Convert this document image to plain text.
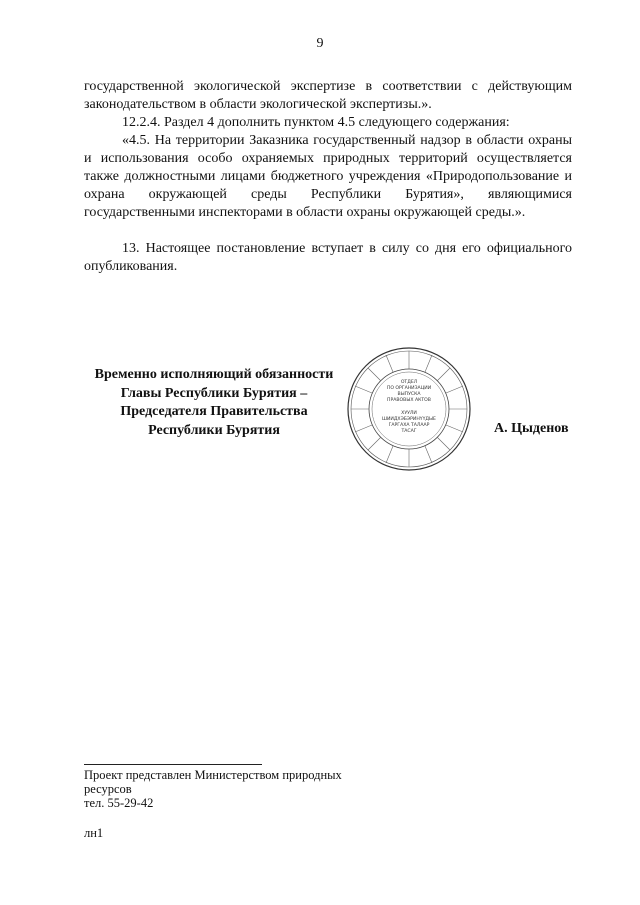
9

государственной экологической экспертизе в соответствии с действующим законодательством в области экологической экспертизы.».

12.2.4. Раздел 4 дополнить пунктом 4.5 следующего содержания:

«4.5. На территории Заказника государственный надзор в области охраны и использования особо охраняемых природных территорий осуществляется также должностными лицами бюджетного учреждения «Природопользование и охрана окружающей среды Республики Бурятия», являющимися государственными инспекторами в области охраны окружающей среды.».

13. Настоящее постановление вступает в силу со дня его официального опубликования.

Временно исполняющий обязанности
Главы Республики Бурятия –
Председателя Правительства
Республики Бурятия
ОТДЕЛ
ПО ОРГАНИЗАЦИИ
ВЫПУСКА
ПРАВОВЫХ АКТОВ
ХУУЛИ
ШИИДХЭБЭРИНҮҮДЫЕ
ГАРГАХА ТАЛААР
ТАСАГ	А. Цыденов
Проект представлен Министерством природных
ресурсов
тел. 55-29-42
лн1
